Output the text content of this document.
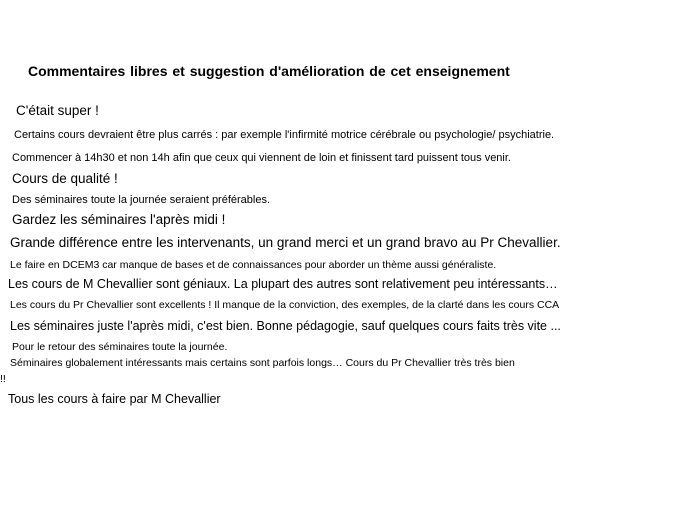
Commentaires libres et suggestion d'amélioration de cet enseignement
C'était super !
Certains cours devraient être plus carrés : par exemple l'infirmité motrice cérébrale ou psychologie/ psychiatrie.
Commencer à 14h30 et non 14h afin que ceux qui viennent de loin et finissent tard puissent tous venir.
Cours de qualité !
Des séminaires toute la journée seraient préférables.
Gardez les séminaires l'après midi !
Grande différence entre les intervenants, un grand merci et un grand bravo au Pr Chevallier.
Le faire en DCEM3 car manque de bases et de connaissances pour aborder un thème aussi généraliste.
Les cours de M Chevallier sont géniaux. La plupart des autres sont relativement peu intéressants…
Les cours du Pr Chevallier sont excellents ! Il manque de la conviction, des exemples, de la clarté dans les cours CCA
Les séminaires juste l'après midi, c'est bien. Bonne pédagogie, sauf quelques cours faits très vite ...
Pour le retour des séminaires toute la journée.
Séminaires globalement intéressants mais certains sont parfois longs… Cours du Pr Chevallier très très bien
!!
Tous les cours à faire par M Chevallier
